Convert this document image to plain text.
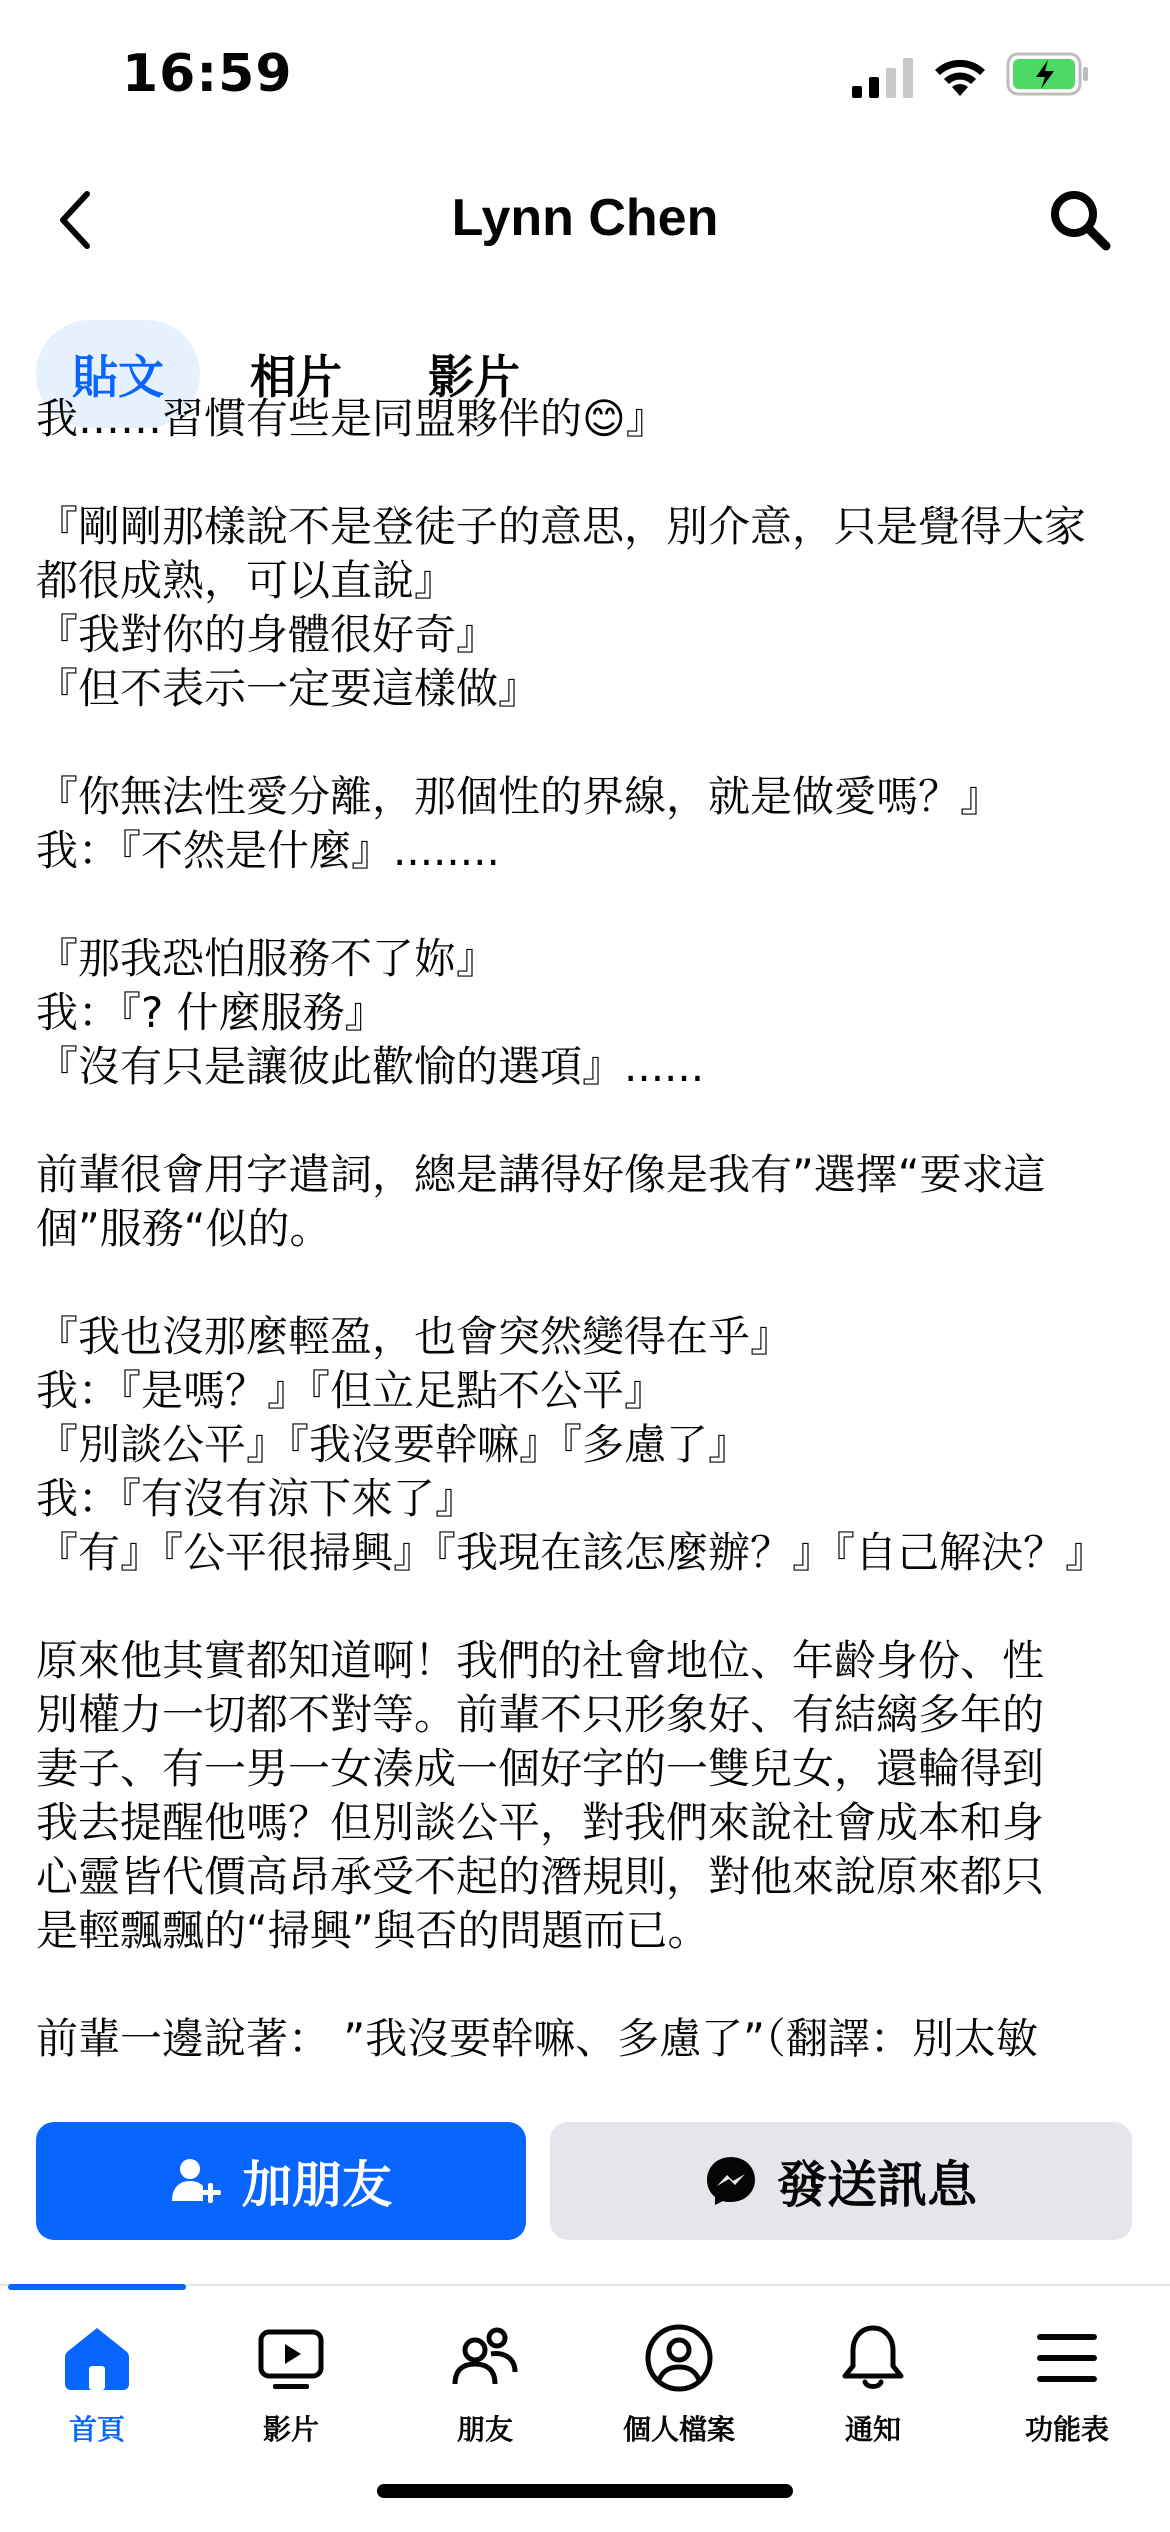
16:59
Lynn Chen
貼文	相片	影片
我……習慣有些是同盟夥伴的😊』
『剛剛那樣說不是登徒子的意思，別介意，只是覺得大家
都很成熟，可以直說』
『我對你的身體很好奇』
『但不表示一定要這樣做』
『你無法性愛分離，那個性的界線，就是做愛嗎？』
我：『不然是什麼』........
『那我恐怕服務不了妳』
我：『? 什麼服務』
『沒有只是讓彼此歡愉的選項』......
前輩很會用字遣詞，總是講得好像是我有”選擇“要求這
個”服務“似的。
『我也沒那麼輕盈，也會突然變得在乎』
我：『是嗎？』『但立足點不公平』
『別談公平』『我沒要幹嘛』『多慮了』
我：『有沒有涼下來了』
『有』『公平很掃興』『我現在該怎麼辦？』『自己解決？』
原來他其實都知道啊！我們的社會地位、年齡身份、性
別權力一切都不對等。前輩不只形象好、有結縭多年的
妻子、有一男一女湊成一個好字的一雙兒女，還輪得到
我去提醒他嗎？但別談公平，對我們來說社會成本和身
心靈皆代價高昂承受不起的潛規則，對他來說原來都只
是輕飄飄的“掃興”與否的問題而已。
前輩一邊說著： ”我沒要幹嘛、多慮了”（翻譯：別太敏
加朋友	發送訊息
首頁	影片	朋友	個人檔案	通知	功能表
